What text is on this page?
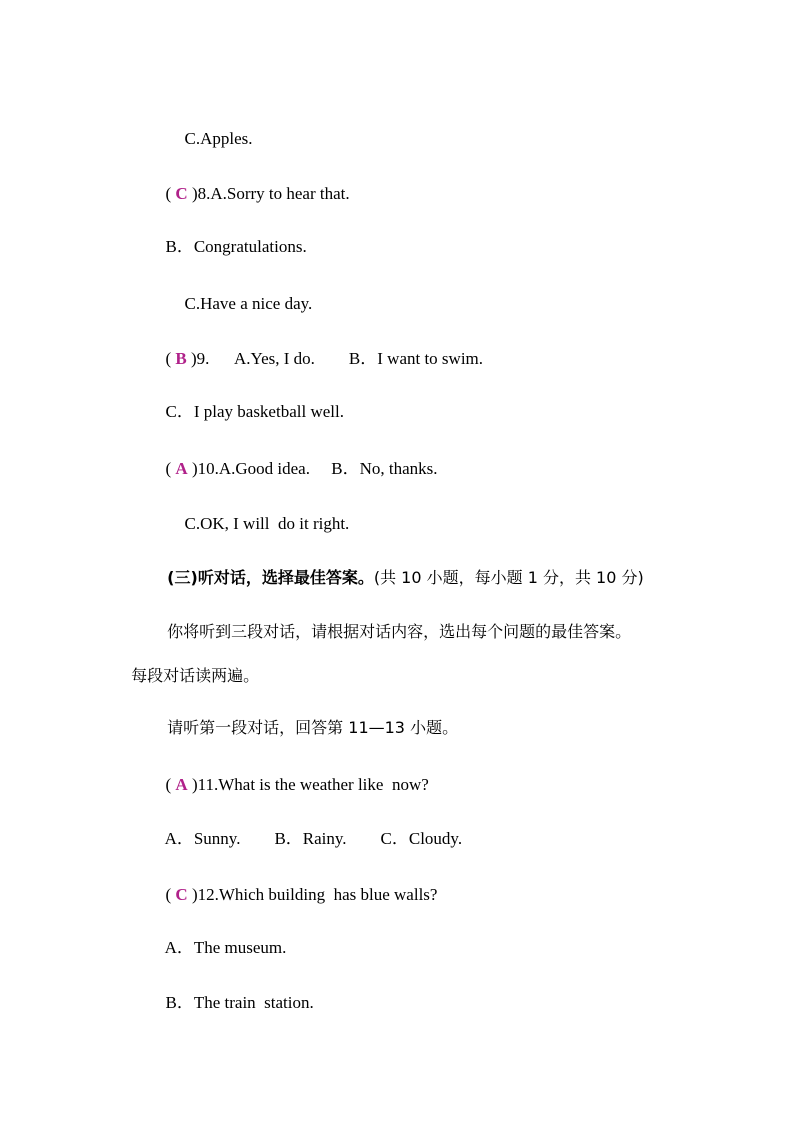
C.Apples.

( C )8.A.Sorry to hear that.

B．Congratulations.

C.Have a nice day.

( B )9.      A.Yes, I do.        B．I want to swim.

C．I play basketball well.

( A )10.A.Good idea.     B．No, thanks.

C.OK, I will  do it right.

(三)听对话，选择最佳答案。(共 10 小题，每小题 1 分，共 10 分)

你将听到三段对话，请根据对话内容，选出每个问题的最佳答案。

每段对话读两遍。

请听第一段对话，回答第 11—13 小题。

( A )11.What is the weather like  now?

A．Sunny.        B．Rainy.        C．Cloudy.

( C )12.Which building  has blue walls?

A．The museum.

B．The train  station.
